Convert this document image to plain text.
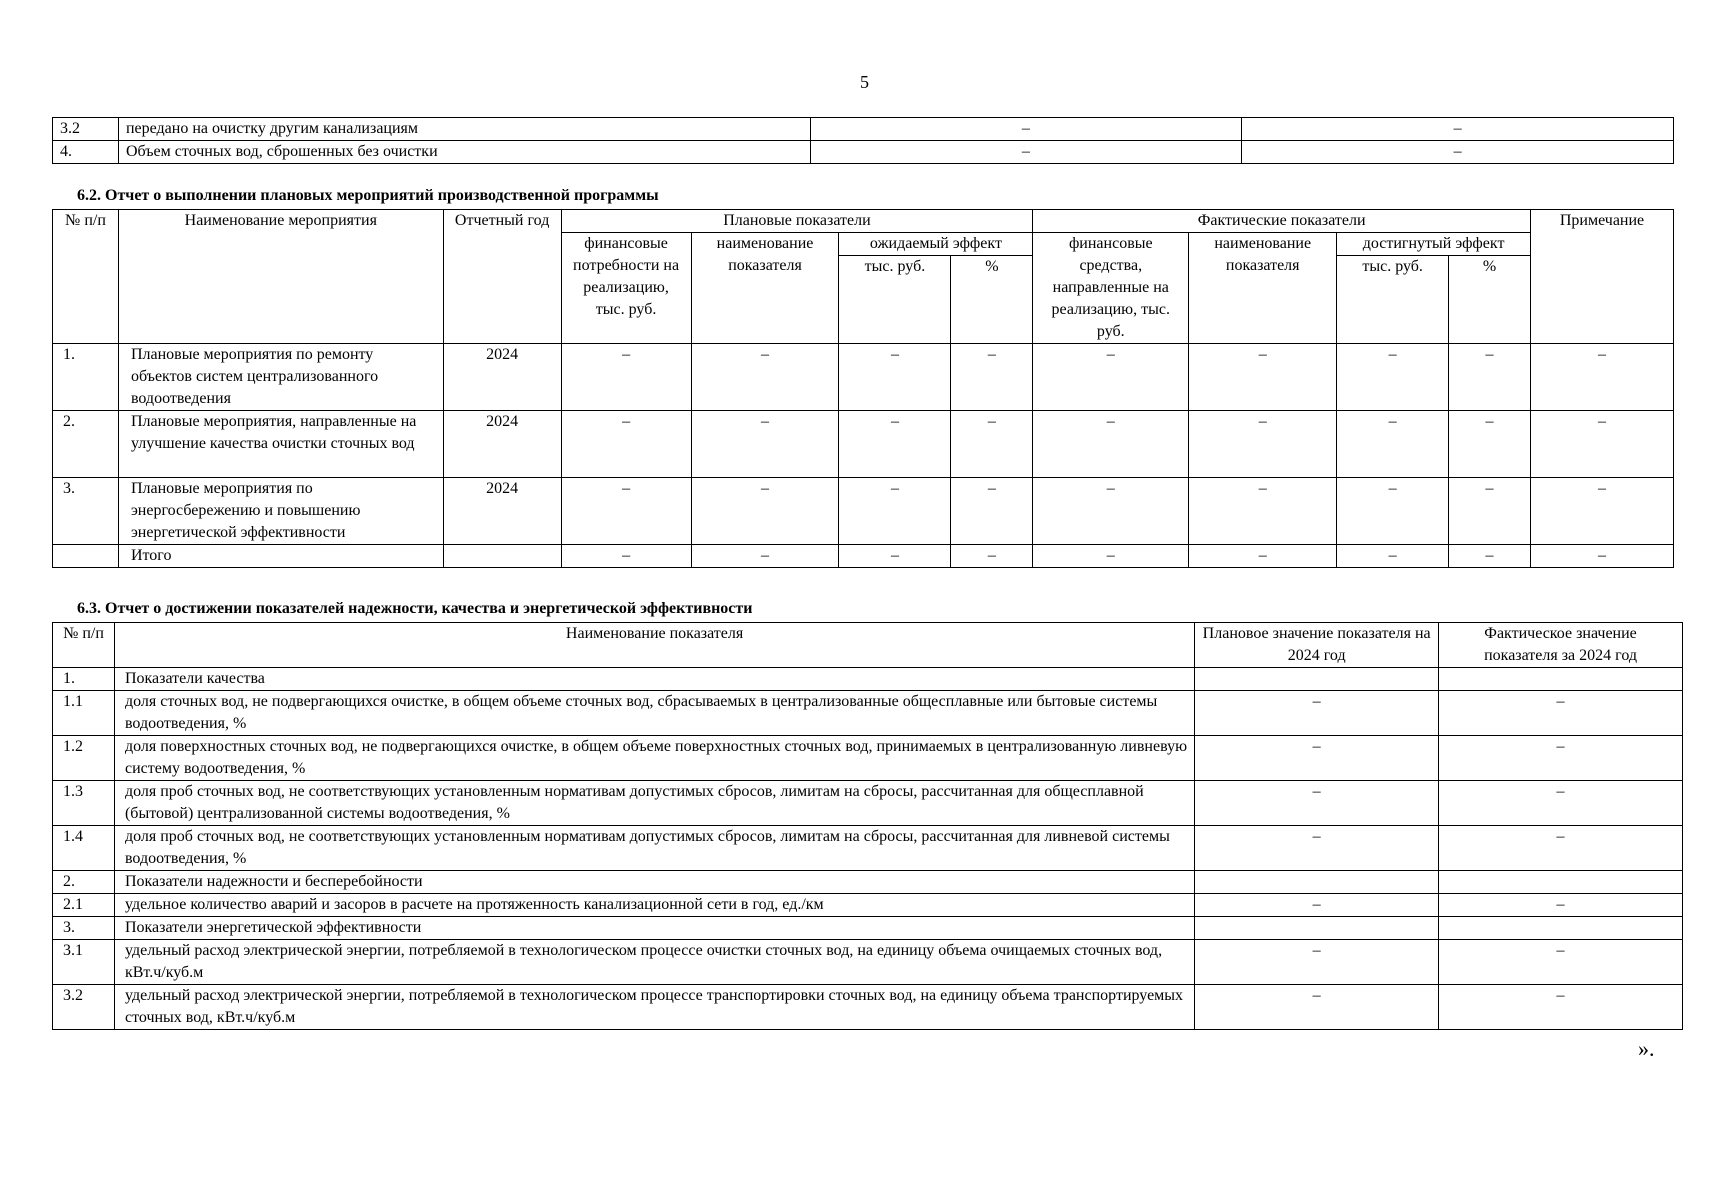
5
3.2	передано на очистку другим канализациям	–	–
4.	Объем сточных вод, сброшенных без очистки	–	–
6.2. Отчет о выполнении плановых мероприятий производственной программы
№ п/п	Наименование мероприятия	Отчетный год	Плановые показатели				Фактические показатели				Примечание
			финансовые потребности на реализацию, тыс. руб.	наименование показателя	ожидаемый эффект		финансовые средства, направленные на реализацию, тыс. руб.	наименование показателя	достигнутый эффект		
					тыс. руб.	%			тыс. руб.	%	
1.	Плановые мероприятия по ремонту объектов систем централизованного водоотведения	2024	–	–	–	–	–	–	–	–	–
2.	Плановые мероприятия, направленные на улучшение качества очистки сточных вод	2024	–	–	–	–	–	–	–	–	–
3.	Плановые мероприятия по энергосбережению и повышению энергетической эффективности	2024	–	–	–	–	–	–	–	–	–
	Итого		–	–	–	–	–	–	–	–	–
6.3. Отчет о достижении показателей надежности, качества и энергетической эффективности
№ п/п	Наименование показателя	Плановое значение показателя на 2024 год	Фактическое значение показателя за 2024 год
1.	Показатели качества		
1.1	доля сточных вод, не подвергающихся очистке, в общем объеме сточных вод, сбрасываемых в централизованные общесплавные или бытовые системы водоотведения, %	–	–
1.2	доля поверхностных сточных вод, не подвергающихся очистке, в общем объеме поверхностных сточных вод, принимаемых в централизованную ливневую систему водоотведения, %	–	–
1.3	доля проб сточных вод, не соответствующих установленным нормативам допустимых сбросов, лимитам на сбросы, рассчитанная для общесплавной (бытовой) централизованной системы водоотведения, %	–	–
1.4	доля проб сточных вод, не соответствующих установленным нормативам допустимых сбросов, лимитам на сбросы, рассчитанная для ливневой системы водоотведения, %	–	–
2.	Показатели надежности и бесперебойности		
2.1	удельное количество аварий и засоров в расчете на протяженность канализационной сети в год, ед./км	–	–
3.	Показатели энергетической эффективности		
3.1	удельный расход электрической энергии, потребляемой в технологическом процессе очистки сточных вод, на единицу объема очищаемых сточных вод, кВт.ч/куб.м	–	–
3.2	удельный расход электрической энергии, потребляемой в технологическом процессе транспортировки сточных вод, на единицу объема транспортируемых сточных вод, кВт.ч/куб.м	–	–
».
